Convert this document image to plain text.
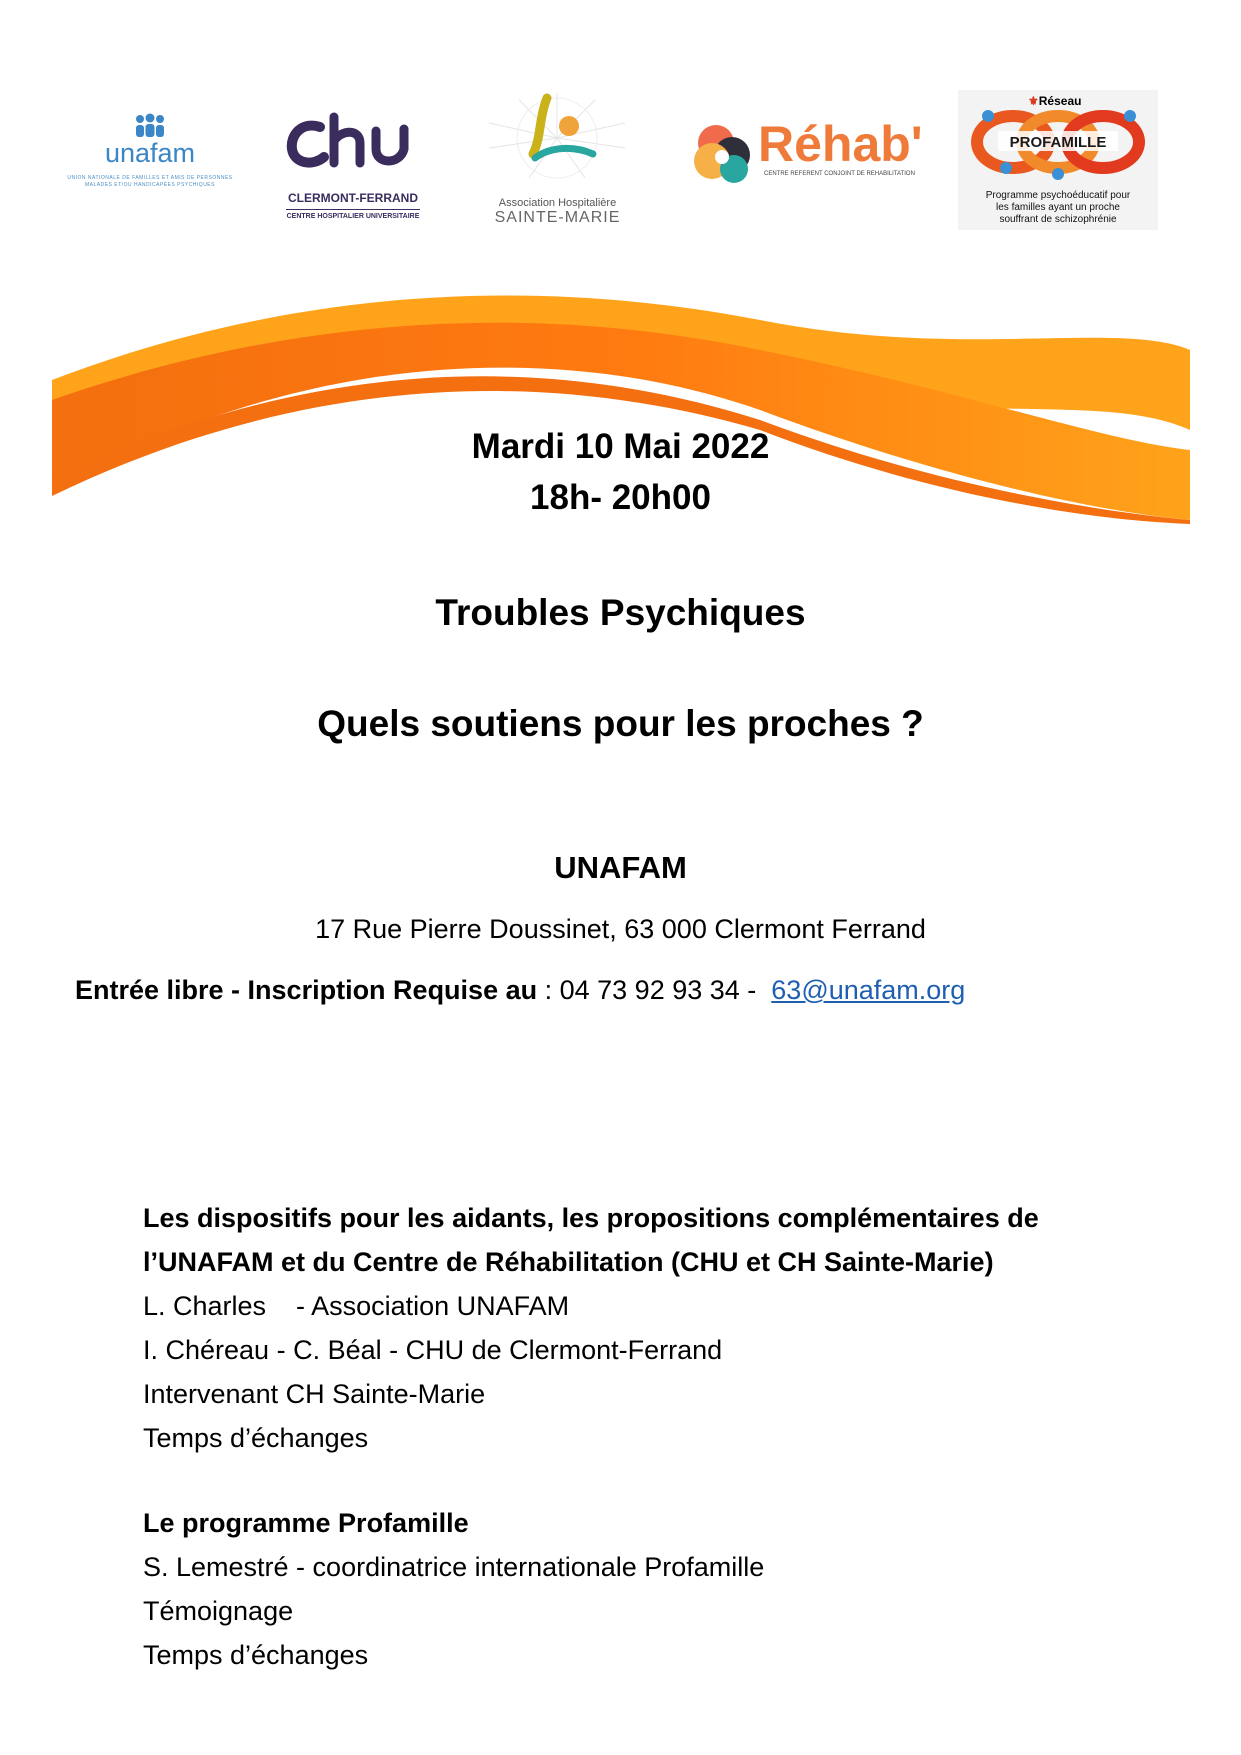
unafam
UNION NATIONALE DE FAMILLES ET AMIS DE PERSONNES MALADES ET/OU HANDICAPÉES PSYCHIQUES
CLERMONT-FERRAND
CENTRE HOSPITALIER UNIVERSITAIRE
Association Hospitalière
SAINTE-MARIE
Réhab'
CENTRE REFERENT CONJOINT DE REHABILITATION
⚜Réseau
PROFAMILLE
Programme psychoéducatif pour
les familles ayant un proche
souffrant de schizophrénie
Mardi 10 Mai 2022
18h- 20h00
Troubles Psychiques
Quels soutiens pour les proches ?
UNAFAM
17 Rue Pierre Doussinet, 63 000 Clermont Ferrand
Entrée libre - Inscription Requise au : 04 73 92 93 34 -  63@unafam.org
Les dispositifs pour les aidants, les propositions complémentaires de
l’UNAFAM et du Centre de Réhabilitation (CHU et CH Sainte-Marie)
L. Charles    - Association UNAFAM
I. Chéreau - C. Béal - CHU de Clermont-Ferrand
Intervenant CH Sainte-Marie
Temps d’échanges
Le programme Profamille
S. Lemestré - coordinatrice internationale Profamille
Témoignage
Temps d’échanges
